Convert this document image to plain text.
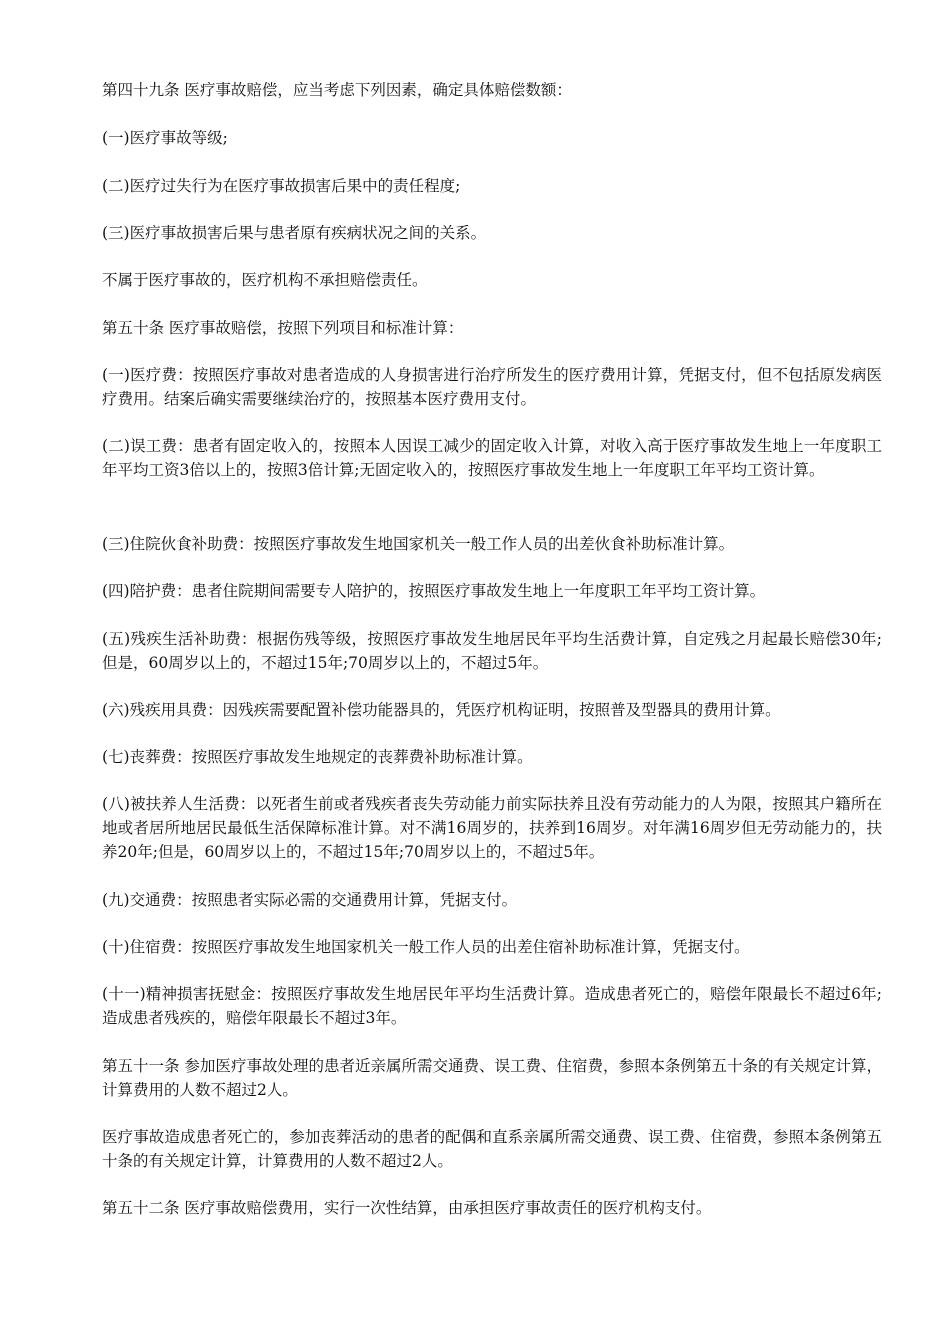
第四十九条 医疗事故赔偿，应当考虑下列因素，确定具体赔偿数额：

(一)医疗事故等级;

(二)医疗过失行为在医疗事故损害后果中的责任程度;

(三)医疗事故损害后果与患者原有疾病状况之间的关系。

不属于医疗事故的，医疗机构不承担赔偿责任。

第五十条 医疗事故赔偿，按照下列项目和标准计算：

(一)医疗费：按照医疗事故对患者造成的人身损害进行治疗所发生的医疗费用计算，凭据支付，但不包括原发病医疗费用。结案后确实需要继续治疗的，按照基本医疗费用支付。

(二)误工费：患者有固定收入的，按照本人因误工减少的固定收入计算，对收入高于医疗事故发生地上一年度职工年平均工资3倍以上的，按照3倍计算;无固定收入的，按照医疗事故发生地上一年度职工年平均工资计算。

(三)住院伙食补助费：按照医疗事故发生地国家机关一般工作人员的出差伙食补助标准计算。

(四)陪护费：患者住院期间需要专人陪护的，按照医疗事故发生地上一年度职工年平均工资计算。

(五)残疾生活补助费：根据伤残等级，按照医疗事故发生地居民年平均生活费计算，自定残之月起最长赔偿30年;但是，60周岁以上的，不超过15年;70周岁以上的，不超过5年。

(六)残疾用具费：因残疾需要配置补偿功能器具的，凭医疗机构证明，按照普及型器具的费用计算。

(七)丧葬费：按照医疗事故发生地规定的丧葬费补助标准计算。

(八)被扶养人生活费：以死者生前或者残疾者丧失劳动能力前实际扶养且没有劳动能力的人为限，按照其户籍所在地或者居所地居民最低生活保障标准计算。对不满16周岁的，扶养到16周岁。对年满16周岁但无劳动能力的，扶养20年;但是，60周岁以上的，不超过15年;70周岁以上的，不超过5年。

(九)交通费：按照患者实际必需的交通费用计算，凭据支付。

(十)住宿费：按照医疗事故发生地国家机关一般工作人员的出差住宿补助标准计算，凭据支付。

(十一)精神损害抚慰金：按照医疗事故发生地居民年平均生活费计算。造成患者死亡的，赔偿年限最长不超过6年;造成患者残疾的，赔偿年限最长不超过3年。

第五十一条 参加医疗事故处理的患者近亲属所需交通费、误工费、住宿费，参照本条例第五十条的有关规定计算，计算费用的人数不超过2人。

医疗事故造成患者死亡的，参加丧葬活动的患者的配偶和直系亲属所需交通费、误工费、住宿费，参照本条例第五十条的有关规定计算，计算费用的人数不超过2人。

第五十二条 医疗事故赔偿费用，实行一次性结算，由承担医疗事故责任的医疗机构支付。
